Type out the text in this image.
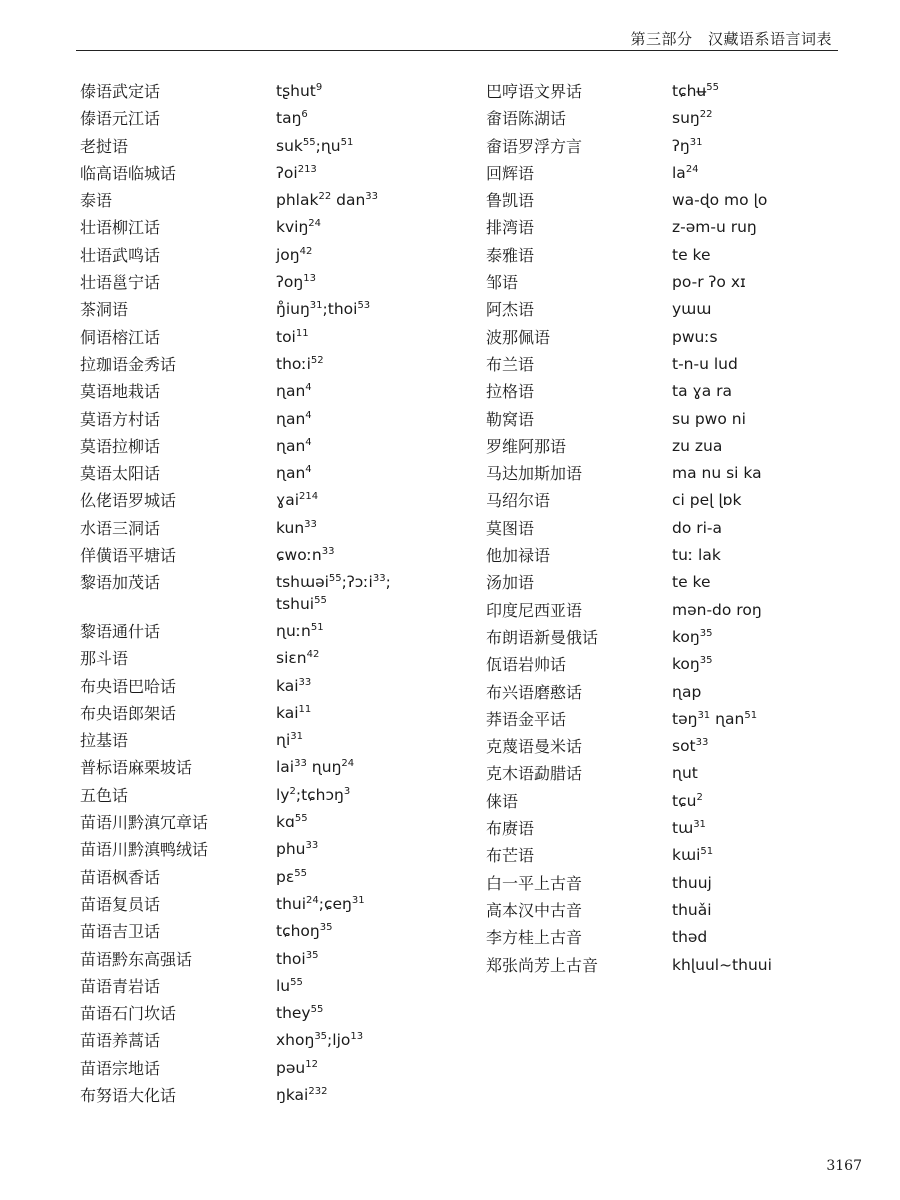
第三部分　汉藏语系语言词表
傣语武定话	tʂhut$^9$
傣语元江话	taŋ$^6$
老挝语	suk$^{55}$;ɳu$^{51}$
临高语临城话	ʔoi$^{213}$
泰语	phlak$^{22}$ dan$^{33}$
壮语柳江话	kviŋ$^{24}$
壮语武鸣话	joŋ$^{42}$
壮语邕宁话	ʔoŋ$^{13}$
茶洞语	ŋ̊iuŋ$^{31}$;thoi$^{53}$
侗语榕江话	toi$^{11}$
拉珈语金秀话	thoːi$^{52}$
莫语地栽话	ɳan$^4$
莫语方村话	ɳan$^4$
莫语拉柳话	ɳan$^4$
莫语太阳话	ɳan$^4$
仫佬语罗城话	ɣai$^{214}$
水语三洞话	kun$^{33}$
佯僙语平塘话	ɕwoːn$^{33}$
黎语加茂话	tshɯəi$^{55}$;ʔɔːi$^{33}$;
tshui$^{55}$
黎语通什话	ɳuːn$^{51}$
那斗语	siɛn$^{42}$
布央语巴哈话	kai$^{33}$
布央语郎架话	kai$^{11}$
拉基语	ɳi$^{31}$
普标语麻栗坡话	lai$^{33}$ ɳuŋ$^{24}$
五色话	$ly^2;tɕhɔŋ^3$
苗语川黔滇冗章话	kɑ$^{55}$
苗语川黔滇鸭绒话	phu$^{33}$
苗语枫香话	pɛ$^{55}$
苗语复员话	thui$^{24}$;ɕeŋ$^{31}$
苗语吉卫话	tɕhoŋ$^{35}$
苗语黔东高强话	thoi$^{35}$
苗语青岩话	$lu^{55}$
苗语石门坎话	they$^{55}$
苗语养蒿话	xhoŋ$^{35}$;ljo$^{13}$
苗语宗地话	pəu$^{12}$
布努语大化话	ŋkai$^{232}$
巴哼语文界话	tɕhʉ$^{55}$
畲语陈湖话	suŋ$^{22}$
畲语罗浮方言	ʔŋ$^{31}$
回辉语	$la^{24}$
鲁凯语	wa-ɖo mo ɭo
排湾语	z-əm-u ruŋ
泰雅语	te ke
邹语	po-r ʔo xɪ
阿杰语	yɯɯ
波那佩语	pwuːs
布兰语	t-n-u lud
拉格语	ta ɣa ra
勒窝语	su pwo ni
罗维阿那语	zu zua
马达加斯加语	ma nu si ka
马绍尔语	ci peɭ ɭɒk
莫图语	do ri-a
他加禄语	tuː lak
汤加语	te ke
印度尼西亚语	mən-do roŋ
布朗语新曼俄话	koŋ$^{35}$
佤语岩帅话	koŋ$^{35}$
布兴语磨憨话	ɳap
莽语金平话	təŋ$^{31}$ ɳan$^{51}$
克蔑语曼米话	sot$^{33}$
克木语勐腊话	ɳut
俫语	tɕu$^2$
布赓语	tɯ$^{31}$
布芒语	kɯi$^{51}$
白一平上古音	thuuj
高本汉中古音	thuǎi
李方桂上古音	thəd
郑张尚芳上古音	khɭuul~thuui
3167
